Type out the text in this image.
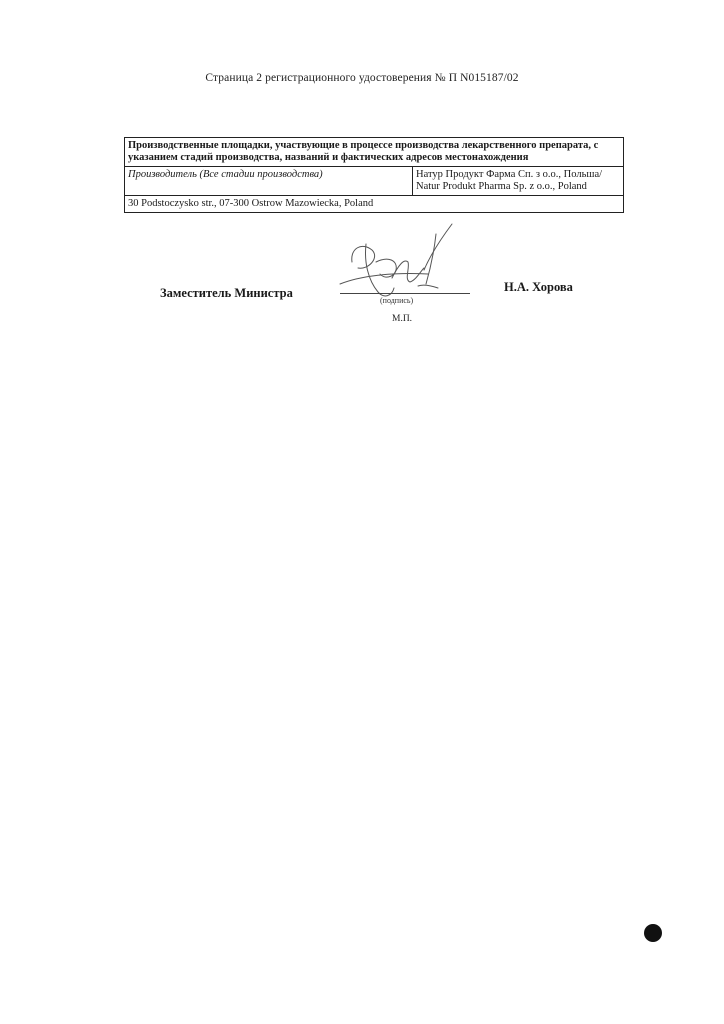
Страница 2 регистрационного удостоверения № П N015187/02
Производственные площадки, участвующие в процессе производства лекарственного препарата, с указанием стадий производства, названий и фактических адресов местонахождения
Производитель (Все стадии производства)	Натур Продукт Фарма Сп. з о.о., Польша/
Natur Produkt Pharma Sp. z o.o., Poland
30 Podstoczysko str., 07-300 Ostrow Mazowiecka, Poland
Заместитель Министра
(подпись)
Н.А. Хорова
М.П.
